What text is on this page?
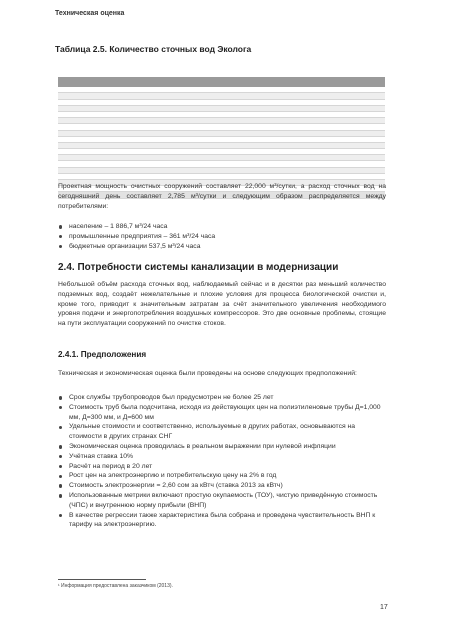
Техническая оценка
Таблица 2.5. Количество сточных вод Эколога

Проектная мощность очистных сооружений составляет 22,000 м³/сутки, а расход сточных вод на сегодняшний день составляет 2,785 м³/сутки и следующим образом распределяется между потребителями:
население – 1 886,7 м³/24 часа
промышленные предприятия – 361 м³/24 часа
бюджетные организации 537,5 м³/24 часа
2.4. Потребности системы канализации в модернизации
Небольшой объём расхода сточных вод, наблюдаемый сейчас и в десятки раз меньший количество подземных вод, создаёт нежелательные и плохие условия для процесса биологической очистки и, кроме того, приводит к значительным затратам за счёт значительного увеличения необходимого уровня подачи и энергопотребления воздушных компрессоров. Это две основные проблемы, стоящие на пути эксплуатации сооружений по очистке стоков.
2.4.1. Предположения
Техническая и экономическая оценка были проведены на основе следующих предположений:
Срок службы трубопроводов был предусмотрен не более 25 лет
Стоимость труб была подсчитана, исходя из действующих цен на полиэтиленовые трубы Д=1,000 мм, Д=300 мм, и Д=600 мм
Удельные стоимости и соответственно, используемые в других работах, основываются на стоимости в других странах СНГ
Экономическая оценка проводилась в реальном выражении при нулевой инфляции
Учётная ставка 10%
Расчёт на период в 20 лет
Рост цен на электроэнергию и потребительскую цену на 2% в год
Стоимость электроэнергии = 2,60 сом за кВтч (ставка 2013 за кВтч)
Использованные метрики включают простую окупаемость (ТОУ), чистую приведённую стоимость (ЧПС) и внутреннюю норму прибыли (ВНП)
В качестве регрессии также характеристика была собрана и проведена чувствительность ВНП к тарифу на электроэнергию.
¹ Информация предоставлена заказчиком (2013).
17
